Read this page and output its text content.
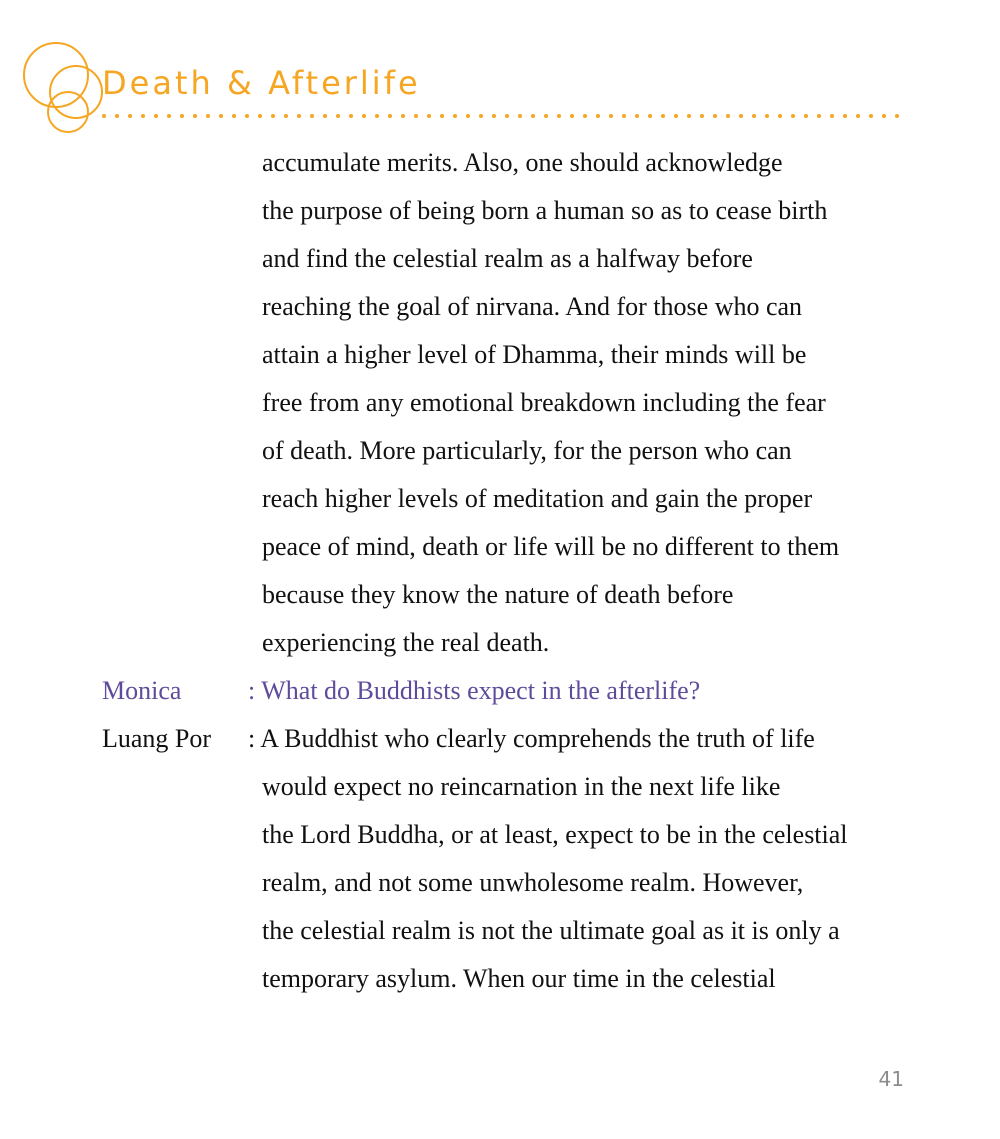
Death & Afterlife
accumulate merits. Also, one should acknowledge
the purpose of being born a human so as to cease birth
and find the celestial realm as a halfway before
reaching the goal of nirvana. And for those who can
attain a higher level of Dhamma, their minds will be
free from any emotional breakdown including the fear
of death. More particularly, for the person who can
reach higher levels of meditation and gain the proper
peace of mind, death or life will be no different to them
because they know the nature of death before
experiencing the real death.
Monica	: What do Buddhists expect in the afterlife?
Luang Por : A Buddhist who clearly comprehends the truth of life
would expect no reincarnation in the next life like
the Lord Buddha, or at least, expect to be in the celestial
realm, and not some unwholesome realm. However,
the celestial realm is not the ultimate goal as it is only a
temporary asylum. When our time in the celestial
41
